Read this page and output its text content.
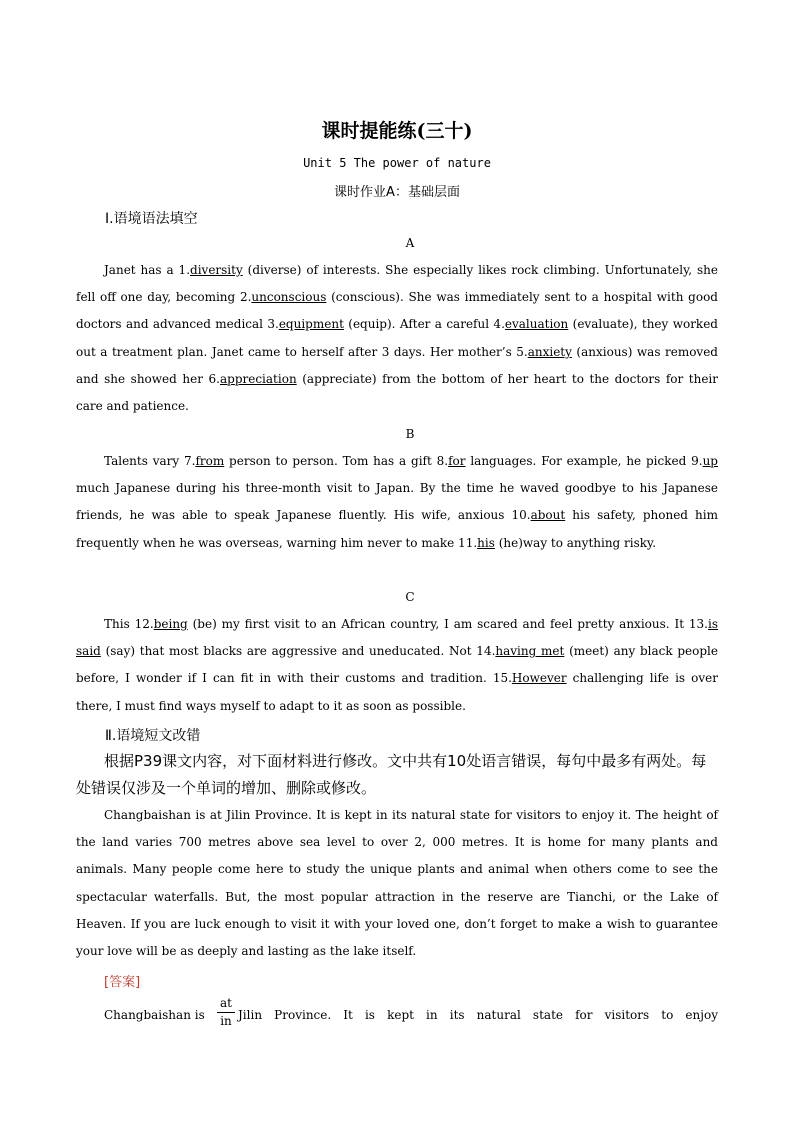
课时提能练(三十)
Unit 5 The power of nature
课时作业A：基础层面
Ⅰ.语境语法填空
A

Janet has a 1.diversity (diverse) of interests. She especially likes rock climbing. Unfortunately, she fell off one day, becoming 2.unconscious (conscious). She was immediately sent to a hospital with good doctors and advanced medical 3.equipment (equip). After a careful 4.evaluation (evaluate), they worked out a treatment plan. Janet came to herself after 3 days. Her mother’s 5.anxiety (anxious) was removed and she showed her 6.appreciation (appreciate) from the bottom of her heart to the doctors for their care and patience.

B

Talents vary 7.from person to person. Tom has a gift 8.for languages. For example, he picked 9.up much Japanese during his three-month visit to Japan. By the time he waved goodbye to his Japanese friends, he was able to speak Japanese fluently. His wife, anxious 10.about his safety, phoned him frequently when he was overseas, warning him never to make 11.his (he)way to anything risky.

C

This 12.being (be) my first visit to an African country, I am scared and feel pretty anxious. It 13.is said (say) that most blacks are aggressive and uneducated. Not 14.having met (meet) any black people before, I wonder if I can fit in with their customs and tradition. 15.However challenging life is over there, I must find ways myself to adapt to it as soon as possible.

Ⅱ.语境短文改错

根据P39课文内容，对下面材料进行修改。文中共有10处语言错误，每句中最多有两处。每处错误仅涉及一个单词的增加、删除或修改。

Changbaishan is at Jilin Province. It is kept in its natural state for visitors to enjoy it. The height of the land varies 700 metres above sea level to over 2, 000 metres. It is home for many plants and animals. Many people come here to study the unique plants and animal when others come to see the spectacular waterfalls. But, the most popular attraction in the reserve are Tianchi, or the Lake of Heaven. If you are luck enough to visit it with your loved one, don’t forget to make a wish to guarantee your love will be as deeply and lasting as the lake itself.

[答案]
Changbaishan is
at
in Jilin Province. It is kept in its natural state for visitors to enjoy
